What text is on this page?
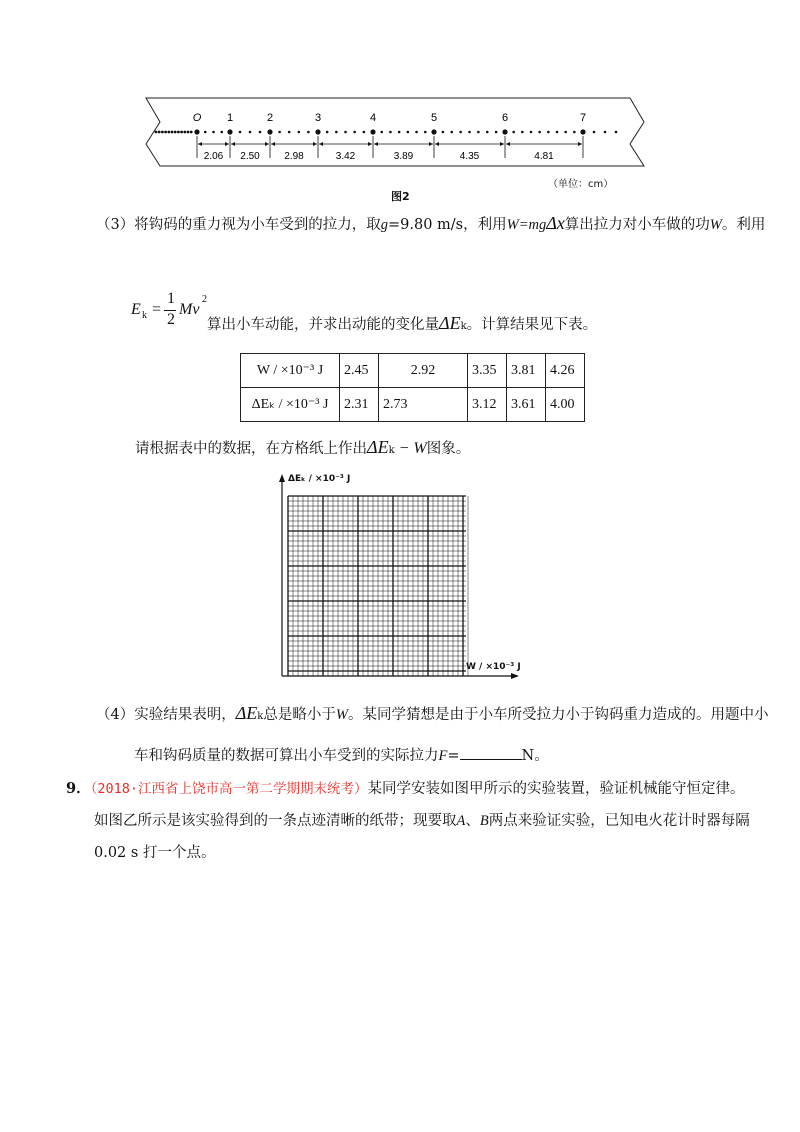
O 1	2	3	4	5	6	7
2.06 2.50 2.98	3.42	3.89	4.35	4.81
（单位：cm）
图2
（3）将钩码的重力视为小车受到的拉力，取g=9.80 m/s，利用W=mgΔx算出拉力对小车做的功W。利用
E k =
1
2
Mv
2
算出小车动能，并求出动能的变化量ΔEk。计算结果见下表。
W / ×10⁻³ J	2.45	2.92	3.35	3.81	4.26
ΔEₖ / ×10⁻³ J	2.31	2.73	3.12	3.61	4.00
请根据表中的数据，在方格纸上作出ΔEk − W图象。
ΔEₖ / ×10⁻³ J
W / ×10⁻³ J
（4）实验结果表明，ΔEk总是略小于W。某同学猜想是由于小车所受拉力小于钩码重力造成的。用题中小
车和钩码质量的数据可算出小车受到的实际拉力F=	N。
9．（2018·江西省上饶市高一第二学期期末统考）某同学安装如图甲所示的实验装置，验证机械能守恒定律。
如图乙所示是该实验得到的一条点迹清晰的纸带；现要取A、B两点来验证实验，已知电火花计时器每隔
0.02 s 打一个点。
